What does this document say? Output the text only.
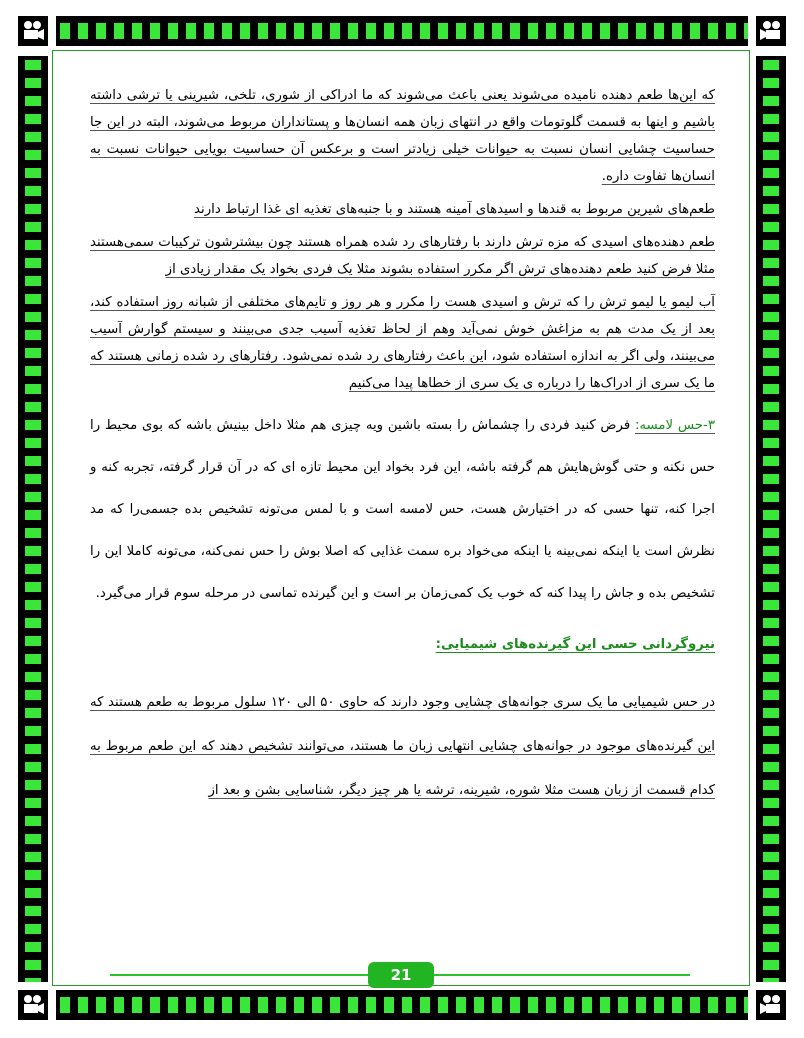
که این‌ها طعم دهنده نامیده می‌شوند یعنی باعث می‌شوند که ما ادراکی از شوری، تلخی، شیرینی یا ترشی داشته باشیم و اینها به قسمت گلوتومات واقع در انتهای زبان همه انسان‌ها و پستانداران مربوط می‌شوند، البته در این جا حساسیت چشایی انسان نسبت به حیوانات خیلی زیادتر است و برعکس آن حساسیت بویایی حیوانات نسبت به انسان‌ها تفاوت داره.

طعم‌های شیرین مربوط به قندها و اسیدهای آمینه هستند و با جنبه‌های تغذیه ای غذا ارتباط دارند

طعم دهنده‌های اسیدی که مزه ترش دارند با رفتارهای رد شده همراه هستند چون بیشترشون ترکیبات سمی‌هستند مثلا فرض کنید طعم دهنده‌های ترش اگر مکرر استفاده بشوند مثلا یک فردی بخواد یک مقدار زیادی از

آب لیمو یا لیمو ترش را که ترش و اسیدی هست را مکرر و هر روز و تایم‌های مختلفی از شبانه روز استفاده کند، بعد از یک مدت هم به مزاغش خوش نمی‌آید وهم از لحاظ تغذیه آسیب جدی می‌بینند و سیستم گوارش آسیب می‌بینند، ولی اگر به اندازه استفاده شود، این باعث رفتارهای رد شده نمی‌شود. رفتارهای رد شده زمانی هستند که ما یک سری از ادراک‌ها را درباره ی یک سری از خطاها پیدا می‌کنیم

۳-حس لامسه: فرض کنید فردی را چشماش را بسته باشین ویه چیزی هم مثلا داخل بینیش باشه که بوی محیط را حس نکنه و حتی گوش‌هایش هم گرفته باشه، این فرد بخواد این محیط تازه ای که در آن قرار گرفته، تجربه کنه و اجرا کنه، تنها حسی که در اختیارش هست، حس لامسه است و با لمس می‌تونه تشخیص بده جسمی‌را که مد نظرش است یا اینکه نمی‌بینه یا اینکه می‌خواد بره سمت غذایی که اصلا بوش را حس نمی‌کنه، می‌تونه کاملا این را تشخیص بده و جاش را پیدا کنه که خوب یک کمی‌زمان بر است و این گیرنده تماسی در مرحله سوم قرار می‌گیرد.

نیروگردانی حسی این گیرنده‌های شیمیایی:

در حس شیمیایی ما یک سری جوانه‌های چشایی وجود دارند که حاوی ۵۰ الی ۱۲۰ سلول مربوط به طعم هستند که این گیرنده‌های موجود در جوانه‌های چشایی انتهایی زبان ما هستند، می‌توانند تشخیص دهند که این طعم مربوط به کدام قسمت از زبان هست مثلا شوره، شیرینه، ترشه یا هر چیز دیگر، شناسایی بشن و بعد از

21
